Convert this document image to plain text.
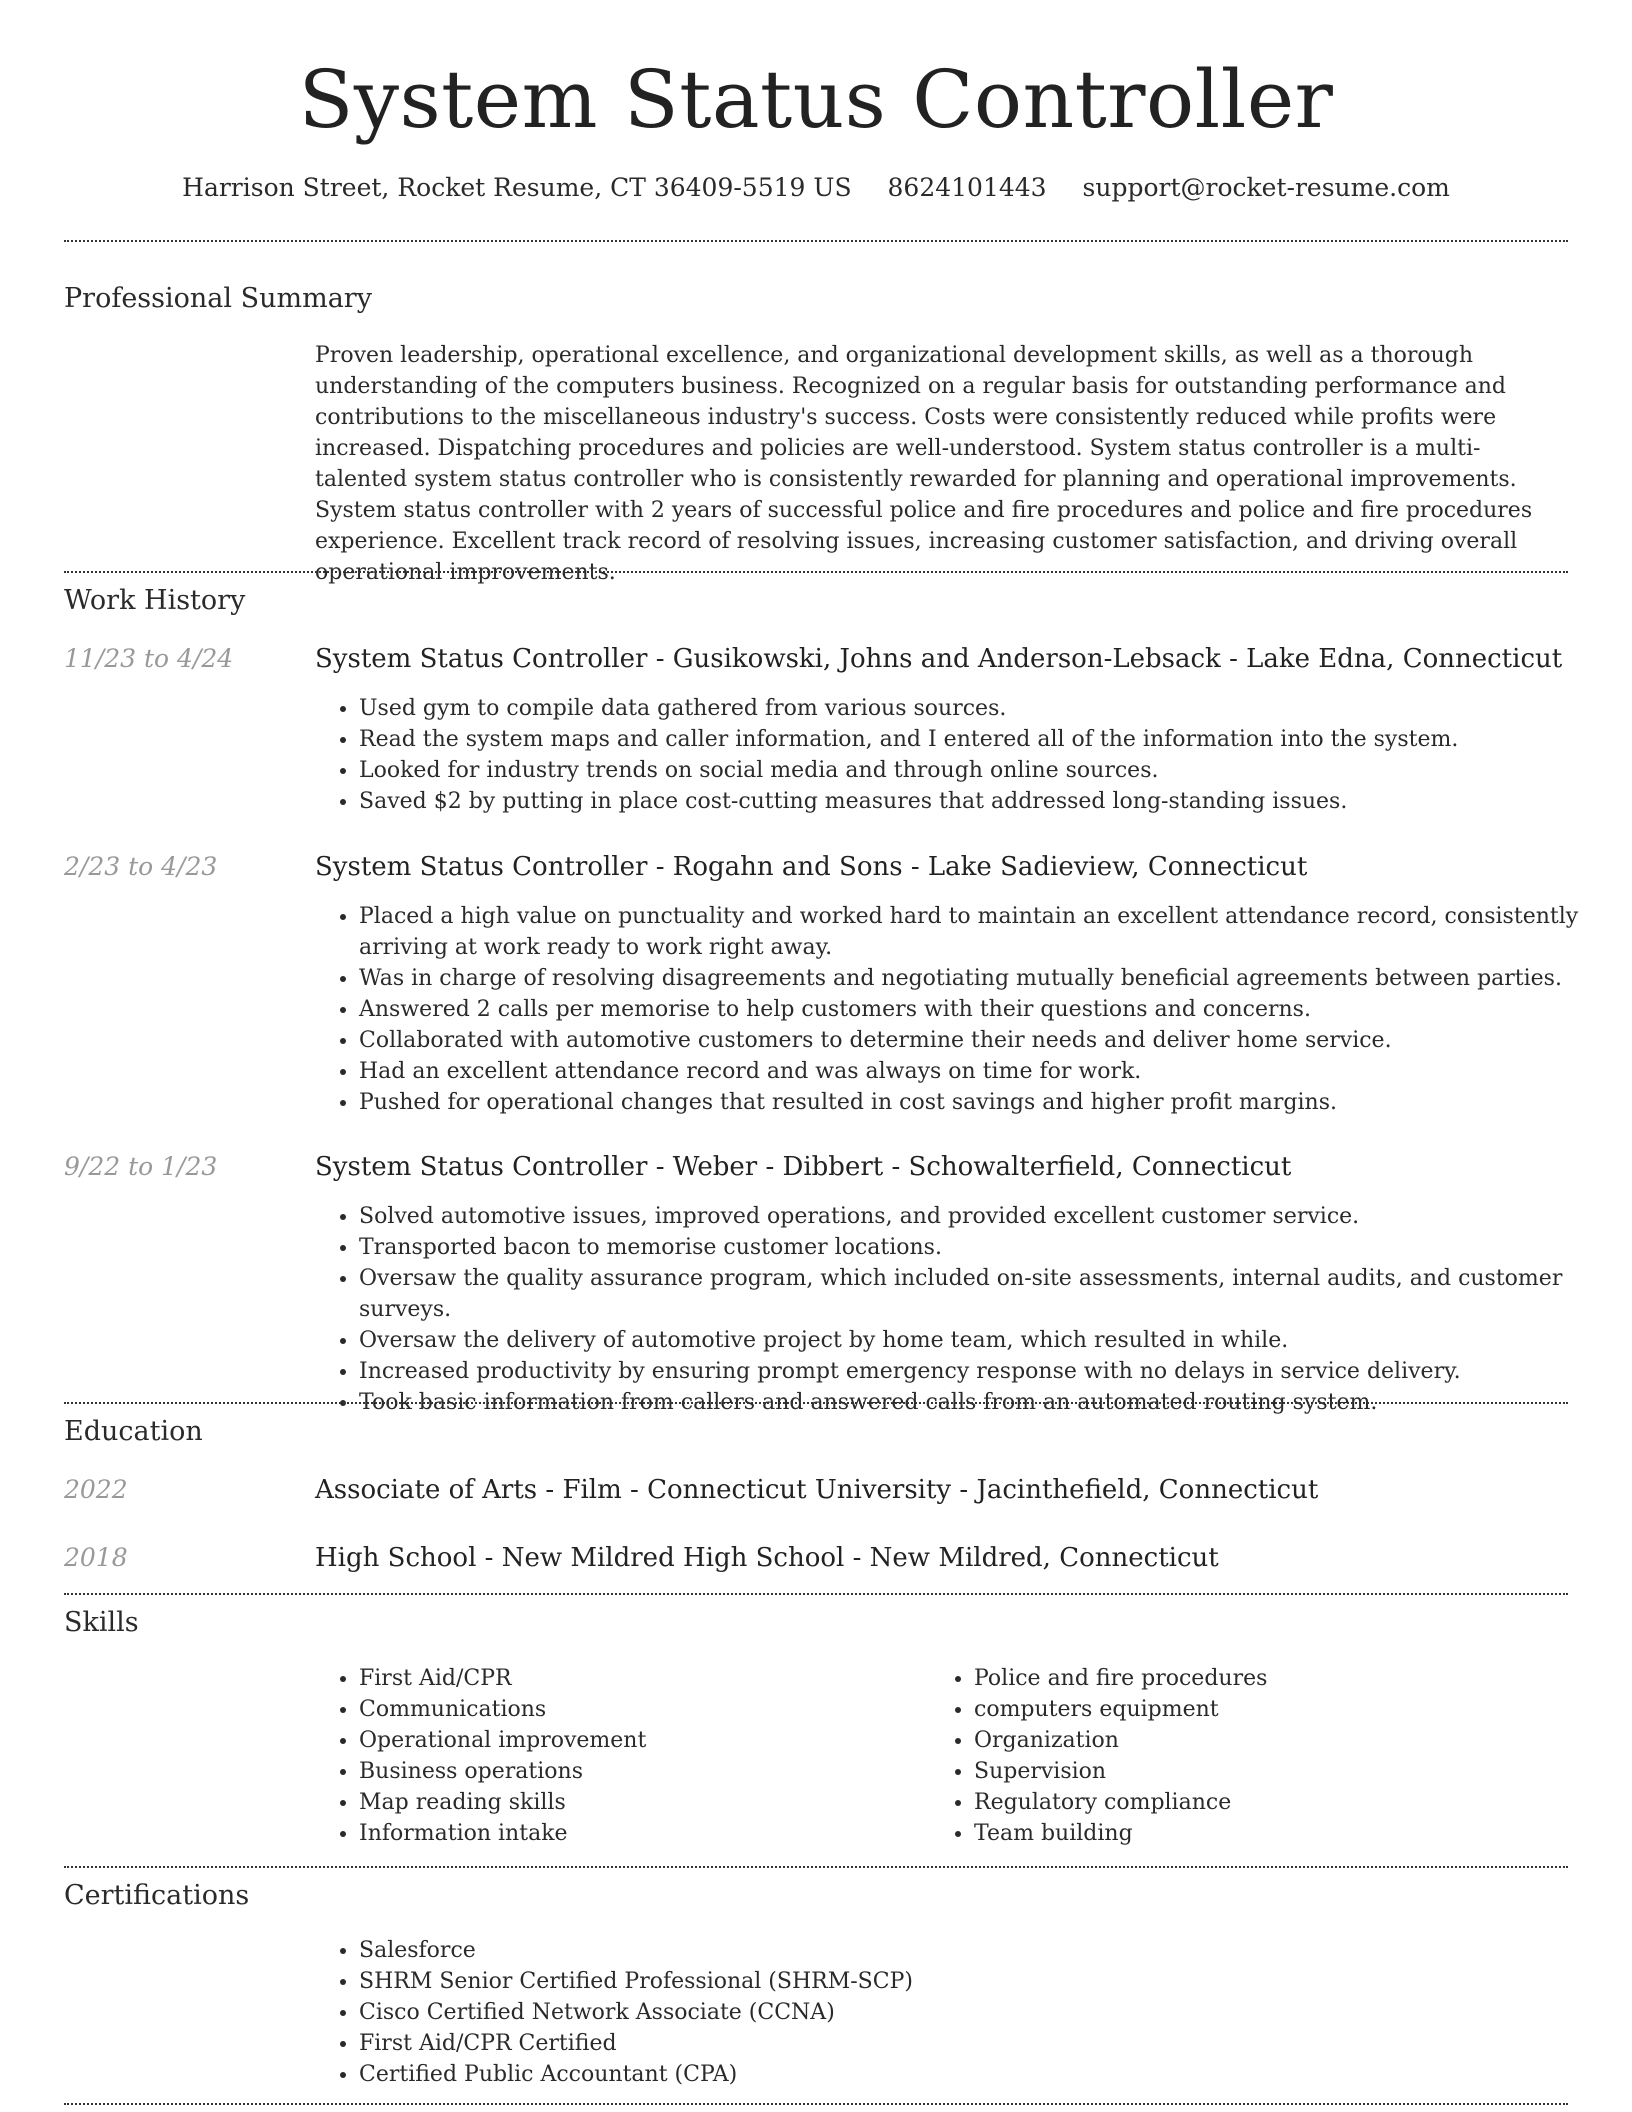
System Status Controller
Harrison Street, Rocket Resume, CT 36409-5519 US 8624101443 support@rocket-resume.com
Professional Summary
Proven leadership, operational excellence, and organizational development skills, as well as a thorough understanding of the computers business. Recognized on a regular basis for outstanding performance and contributions to the miscellaneous industry's success. Costs were consistently reduced while profits were increased. Dispatching procedures and policies are well-understood. System status controller is a multi-talented system status controller who is consistently rewarded for planning and operational improvements. System status controller with 2 years of successful police and fire procedures and police and fire procedures experience. Excellent track record of resolving issues, increasing customer satisfaction, and driving overall operational improvements.
Work History
11/23 to 4/24	System Status Controller - Gusikowski, Johns and Anderson-Lebsack - Lake Edna, Connecticut
• Used gym to compile data gathered from various sources.
• Read the system maps and caller information, and I entered all of the information into the system.
• Looked for industry trends on social media and through online sources.
• Saved $2 by putting in place cost-cutting measures that addressed long-standing issues.
2/23 to 4/23	System Status Controller - Rogahn and Sons - Lake Sadieview, Connecticut
• Placed a high value on punctuality and worked hard to maintain an excellent attendance record, consistently arriving at work ready to work right away.
• Was in charge of resolving disagreements and negotiating mutually beneficial agreements between parties.
• Answered 2 calls per memorise to help customers with their questions and concerns.
• Collaborated with automotive customers to determine their needs and deliver home service.
• Had an excellent attendance record and was always on time for work.
• Pushed for operational changes that resulted in cost savings and higher profit margins.
9/22 to 1/23	System Status Controller - Weber - Dibbert - Schowalterfield, Connecticut
• Solved automotive issues, improved operations, and provided excellent customer service.
• Transported bacon to memorise customer locations.
• Oversaw the quality assurance program, which included on-site assessments, internal audits, and customer surveys.
• Oversaw the delivery of automotive project by home team, which resulted in while.
• Increased productivity by ensuring prompt emergency response with no delays in service delivery.
• Took basic information from callers and answered calls from an automated routing system.
Education
2022	Associate of Arts - Film - Connecticut University - Jacinthefield, Connecticut
2018	High School - New Mildred High School - New Mildred, Connecticut
Skills
• First Aid/CPR
• Communications
• Operational improvement
• Business operations
• Map reading skills
• Information intake
• Police and fire procedures
• computers equipment
• Organization
• Supervision
• Regulatory compliance
• Team building
Certifications
• Salesforce
• SHRM Senior Certified Professional (SHRM-SCP)
• Cisco Certified Network Associate (CCNA)
• First Aid/CPR Certified
• Certified Public Accountant (CPA)
